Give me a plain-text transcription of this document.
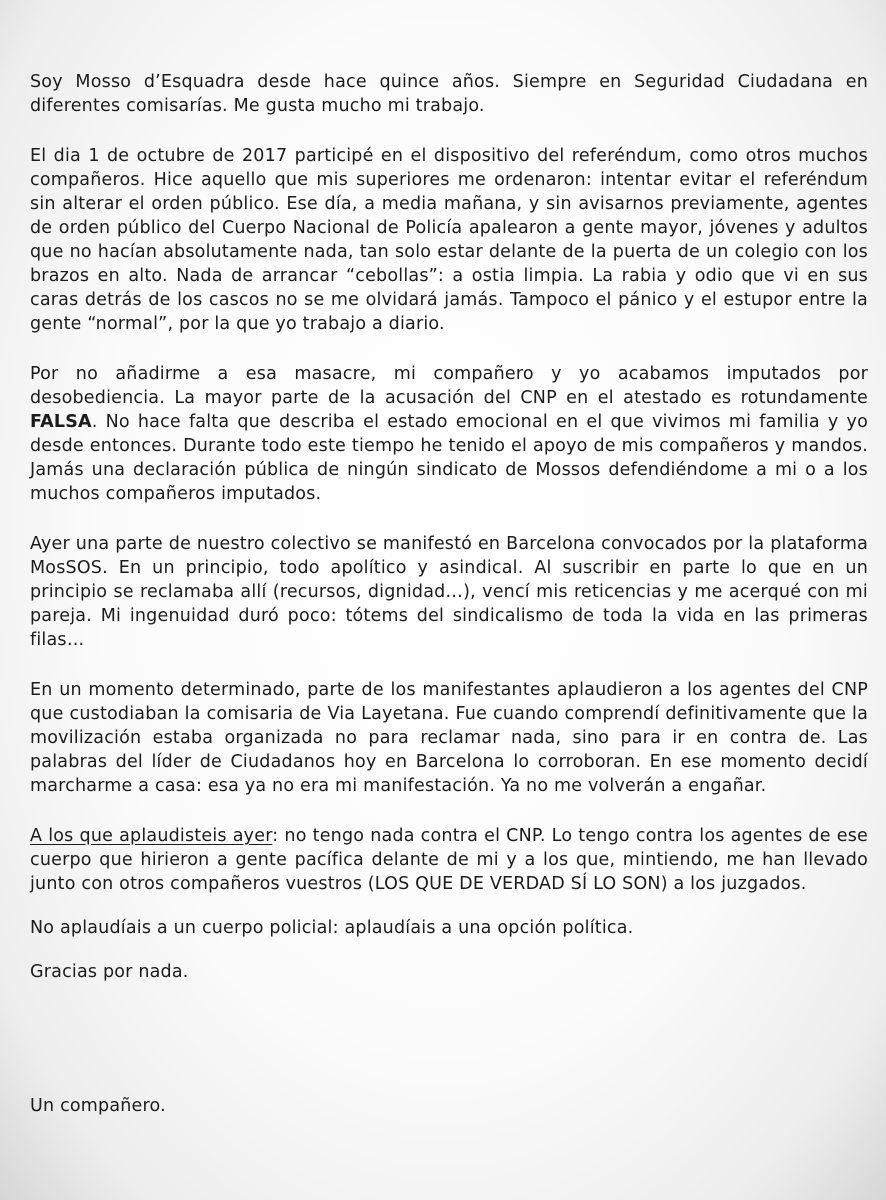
Soy Mosso d’Esquadra desde hace quince años. Siempre en Seguridad Ciudadana en diferentes comisarías. Me gusta mucho mi trabajo.

El dia 1 de octubre de 2017 participé en el dispositivo del referéndum, como otros muchos compañeros. Hice aquello que mis superiores me ordenaron: intentar evitar el referéndum sin alterar el orden público. Ese día, a media mañana, y sin avisarnos previamente, agentes de orden público del Cuerpo Nacional de Policía apalearon a gente mayor, jóvenes y adultos que no hacían absolutamente nada, tan solo estar delante de la puerta de un colegio con los brazos en alto. Nada de arrancar “cebollas”: a ostia limpia. La rabia y odio que vi en sus caras detrás de los cascos no se me olvidará jamás. Tampoco el pánico y el estupor entre la gente “normal”, por la que yo trabajo a diario.

Por no añadirme a esa masacre, mi compañero y yo acabamos imputados por desobediencia. La mayor parte de la acusación del CNP en el atestado es rotundamente FALSA. No hace falta que describa el estado emocional en el que vivimos mi familia y yo desde entonces. Durante todo este tiempo he tenido el apoyo de mis compañeros y mandos. Jamás una declaración pública de ningún sindicato de Mossos defendiéndome a mi o a los muchos compañeros imputados.

Ayer una parte de nuestro colectivo se manifestó en Barcelona convocados por la plataforma MosSOS. En un principio, todo apolítico y asindical. Al suscribir en parte lo que en un principio se reclamaba allí (recursos, dignidad…), vencí mis reticencias y me acerqué con mi pareja. Mi ingenuidad duró poco: tótems del sindicalismo de toda la vida en las primeras filas…

En un momento determinado, parte de los manifestantes aplaudieron a los agentes del CNP que custodiaban la comisaria de Via Layetana. Fue cuando comprendí definitivamente que la movilización estaba organizada no para reclamar nada, sino para ir en contra de. Las palabras del líder de Ciudadanos hoy en Barcelona lo corroboran. En ese momento decidí marcharme a casa: esa ya no era mi manifestación. Ya no me volverán a engañar.

A los que aplaudisteis ayer: no tengo nada contra el CNP. Lo tengo contra los agentes de ese cuerpo que hirieron a gente pacífica delante de mi y a los que, mintiendo, me han llevado junto con otros compañeros vuestros (LOS QUE DE VERDAD SÍ LO SON) a los juzgados.

No aplaudíais a un cuerpo policial: aplaudíais a una opción política.

Gracias por nada.

Un compañero.
